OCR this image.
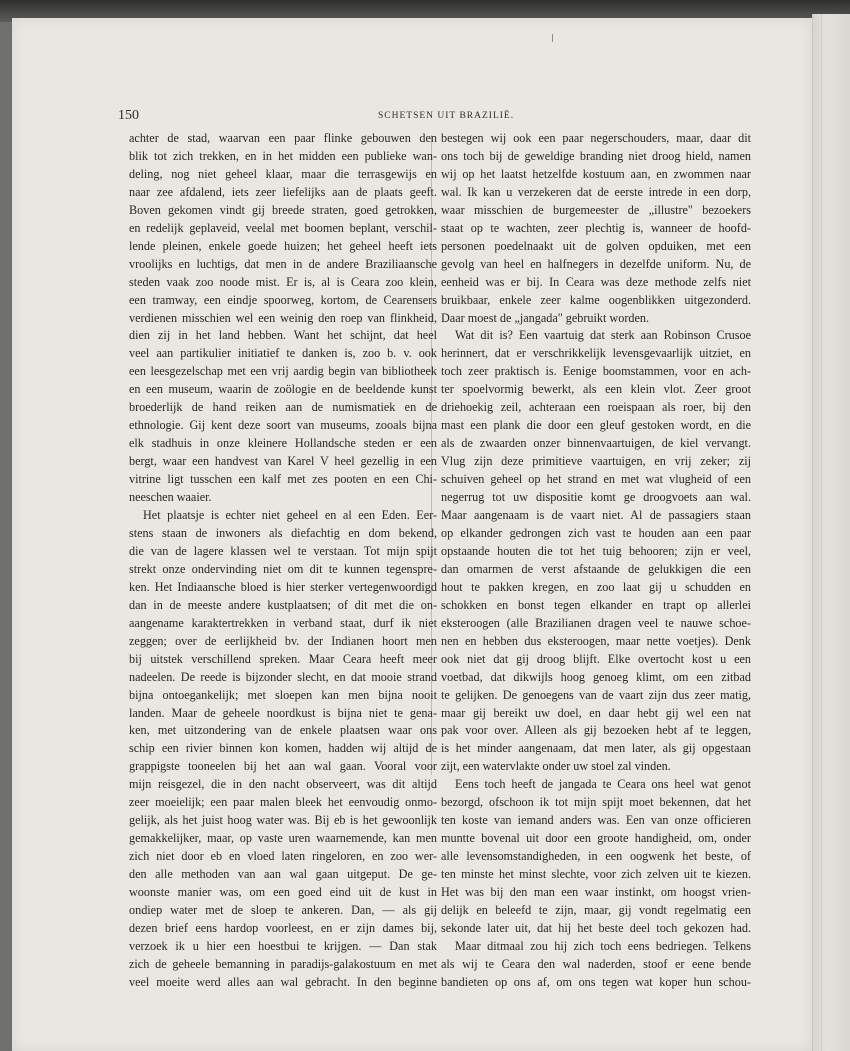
150	SCHETSEN UIT BRAZILIË.
achter de stad, waarvan een paar flinke gebouwen den
blik tot zich trekken, en in het midden een publieke wan-
deling, nog niet geheel klaar, maar die terrasgewijs en
naar zee afdalend, iets zeer liefelijks aan de plaats geeft.
Boven gekomen vindt gij breede straten, goed getrokken,
en redelijk geplaveid, veelal met boomen beplant, verschil-
lende pleinen, enkele goede huizen; het geheel heeft iets
vroolijks en luchtigs, dat men in de andere Braziliaansche
steden vaak zoo noode mist. Er is, al is Ceara zoo klein,
een tramway, een eindje spoorweg, kortom, de Cearensers
verdienen misschien wel een weinig den roep van flinkheid,
dien zij in het land hebben. Want het schijnt, dat heel
veel aan partikulier initiatief te danken is, zoo b. v. ook
een leesgezelschap met een vrij aardig begin van bibliotheek
en een museum, waarin de zoölogie en de beeldende kunst
broederlijk de hand reiken aan de numismatiek en de
ethnologie. Gij kent deze soort van museums, zooals bijna
elk stadhuis in onze kleinere Hollandsche steden er een
bergt, waar een handvest van Karel V heel gezellig in een
vitrine ligt tusschen een kalf met zes pooten en een Chi-
neeschen waaier.
Het plaatsje is echter niet geheel en al een Eden. Eer-
stens staan de inwoners als diefachtig en dom bekend,
die van de lagere klassen wel te verstaan. Tot mijn spijt
strekt onze ondervinding niet om dit te kunnen tegenspre-
ken. Het Indiaansche bloed is hier sterker vertegenwoordigd
dan in de meeste andere kustplaatsen; of dit met die on-
aangename karaktertrekken in verband staat, durf ik niet
zeggen; over de eerlijkheid bv. der Indianen hoort men
bij uitstek verschillend spreken. Maar Ceara heeft meer
nadeelen. De reede is bijzonder slecht, en dat mooie strand
bijna ontoegankelijk; met sloepen kan men bijna nooit
landen. Maar de geheele noordkust is bijna niet te gena-
ken, met uitzondering van de enkele plaatsen waar ons
schip een rivier binnen kon komen, hadden wij altijd de
grappigste tooneelen bij het aan wal gaan. Vooral voor
mijn reisgezel, die in den nacht observeert, was dit altijd
zeer moeielijk; een paar malen bleek het eenvoudig onmo-
gelijk, als het juist hoog water was. Bij eb is het gewoonlijk
gemakkelijker, maar, op vaste uren waarnemende, kan men
zich niet door eb en vloed laten ringeloren, en zoo wer-
den alle methoden van aan wal gaan uitgeput. De ge-
woonste manier was, om een goed eind uit de kust in
ondiep water met de sloep te ankeren. Dan, — als gij
dezen brief eens hardop voorleest, en er zijn dames bij,
verzoek ik u hier een hoestbui te krijgen. — Dan stak
zich de geheele bemanning in paradijs-galakostuum en met
veel moeite werd alles aan wal gebracht. In den beginne
bestegen wij ook een paar negerschouders, maar, daar dit
ons toch bij de geweldige branding niet droog hield, namen
wij op het laatst hetzelfde kostuum aan, en zwommen naar
wal. Ik kan u verzekeren dat de eerste intrede in een dorp,
waar misschien de burgemeester de „illustre" bezoekers
staat op te wachten, zeer plechtig is, wanneer de hoofd-
personen poedelnaakt uit de golven opduiken, met een
gevolg van heel en halfnegers in dezelfde uniform. Nu, de
eenheid was er bij. In Ceara was deze methode zelfs niet
bruikbaar, enkele zeer kalme oogenblikken uitgezonderd.
Daar moest de „jangada" gebruikt worden.
Wat dit is? Een vaartuig dat sterk aan Robinson Crusoe
herinnert, dat er verschrikkelijk levensgevaarlijk uitziet, en
toch zeer praktisch is. Eenige boomstammen, voor en ach-
ter spoelvormig bewerkt, als een klein vlot. Zeer groot
driehoekig zeil, achteraan een roeispaan als roer, bij den
mast een plank die door een gleuf gestoken wordt, en die
als de zwaarden onzer binnenvaartuigen, de kiel vervangt.
Vlug zijn deze primitieve vaartuigen, en vrij zeker; zij
schuiven geheel op het strand en met wat vlugheid of een
negerrug tot uw dispositie komt ge droogvoets aan wal.
Maar aangenaam is de vaart niet. Al de passagiers staan
op elkander gedrongen zich vast te houden aan een paar
opstaande houten die tot het tuig behooren; zijn er veel,
dan omarmen de verst afstaande de gelukkigen die een
hout te pakken kregen, en zoo laat gij u schudden en
schokken en bonst tegen elkander en trapt op allerlei
eksteroogen (alle Brazilianen dragen veel te nauwe schoe-
nen en hebben dus eksteroogen, maar nette voetjes). Denk
ook niet dat gij droog blijft. Elke overtocht kost u een
voetbad, dat dikwijls hoog genoeg klimt, om een zitbad
te gelijken. De genoegens van de vaart zijn dus zeer matig,
maar gij bereikt uw doel, en daar hebt gij wel een nat
pak voor over. Alleen als gij bezoeken hebt af te leggen,
is het minder aangenaam, dat men later, als gij opgestaan
zijt, een watervlakte onder uw stoel zal vinden.
Eens toch heeft de jangada te Ceara ons heel wat genot
bezorgd, ofschoon ik tot mijn spijt moet bekennen, dat het
ten koste van iemand anders was. Een van onze officieren
muntte bovenal uit door een groote handigheid, om, onder
alle levensomstandigheden, in een oogwenk het beste, of
ten minste het minst slechte, voor zich zelven uit te kiezen.
Het was bij den man een waar instinkt, om hoogst vrien-
delijk en beleefd te zijn, maar, gij vondt regelmatig een
sekonde later uit, dat hij het beste deel toch gekozen had.
Maar ditmaal zou hij zich toch eens bedriegen. Telkens
als wij te Ceara den wal naderden, stoof er eene bende
bandieten op ons af, om ons tegen wat koper hun schou-
